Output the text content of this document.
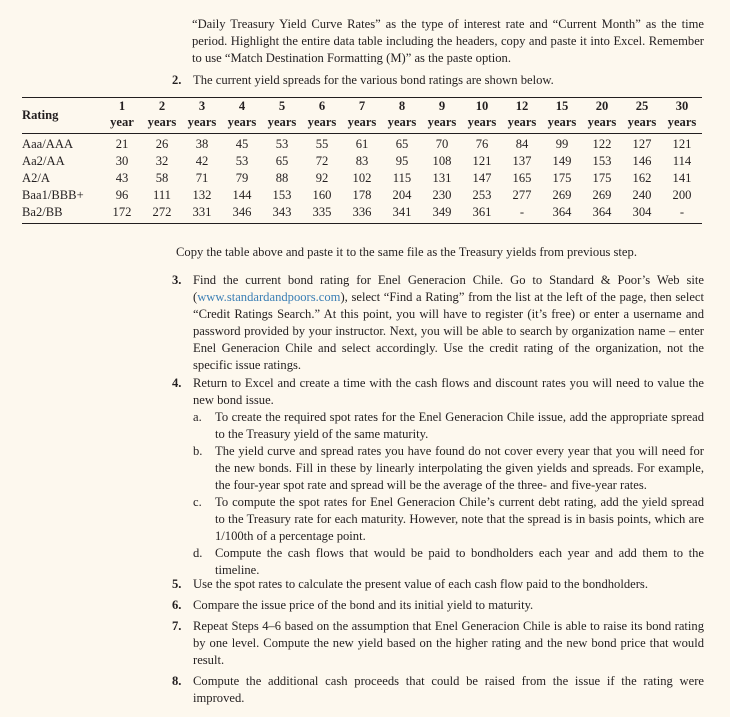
“Daily Treasury Yield Curve Rates” as the type of interest rate and “Current Month” as the time period. Highlight the entire data table including the headers, copy and paste it into Excel. Remember to use “Match Destination Formatting (M)” as the paste option.
2. The current yield spreads for the various bond ratings are shown below.
Rating	1	2	3	4	5	6	7	8	9	10	12	15	20	25	30
	year	years	years	years	years	years	years	years	years	years	years	years	years	years	years
Aaa/AAA	21	26	38	45	53	55	61	65	70	76	84	99	122	127	121
Aa2/AA	30	32	42	53	65	72	83	95	108	121	137	149	153	146	114
A2/A	43	58	71	79	88	92	102	115	131	147	165	175	175	162	141
Baa1/BBB+	96	111	132	144	153	160	178	204	230	253	277	269	269	240	200
Ba2/BB	172	272	331	346	343	335	336	341	349	361	-	364	364	304	-
Copy the table above and paste it to the same file as the Treasury yields from previous step.
3. Find the current bond rating for Enel Generacion Chile. Go to Standard & Poor’s Web site (www.standardandpoors.com), select “Find a Rating” from the list at the left of the page, then select “Credit Ratings Search.” At this point, you will have to register (it’s free) or enter a username and password provided by your instructor. Next, you will be able to search by organization name – enter Enel Generacion Chile and select accordingly. Use the credit rating of the organization, not the specific issue ratings.
4. Return to Excel and create a time with the cash flows and discount rates you will need to value the new bond issue.
a.	To create the required spot rates for the Enel Generacion Chile issue, add the appropriate spread to the Treasury yield of the same maturity.
b. The yield curve and spread rates you have found do not cover every year that you will need for the new bonds. Fill in these by linearly interpolating the given yields and spreads. For example, the four-year spot rate and spread will be the average of the three- and five-year rates.
c.	To compute the spot rates for Enel Generacion Chile’s current debt rating, add the yield spread to the Treasury rate for each maturity. However, note that the spread is in basis points, which are 1/100th of a percentage point.
d. Compute the cash flows that would be paid to bondholders each year and add them to the timeline.
5. Use the spot rates to calculate the present value of each cash flow paid to the bondholders.
6. Compare the issue price of the bond and its initial yield to maturity.
7. Repeat Steps 4–6 based on the assumption that Enel Generacion Chile is able to raise its bond rating by one level. Compute the new yield based on the higher rating and the new bond price that would result.
8. Compute the additional cash proceeds that could be raised from the issue if the rating were improved.
